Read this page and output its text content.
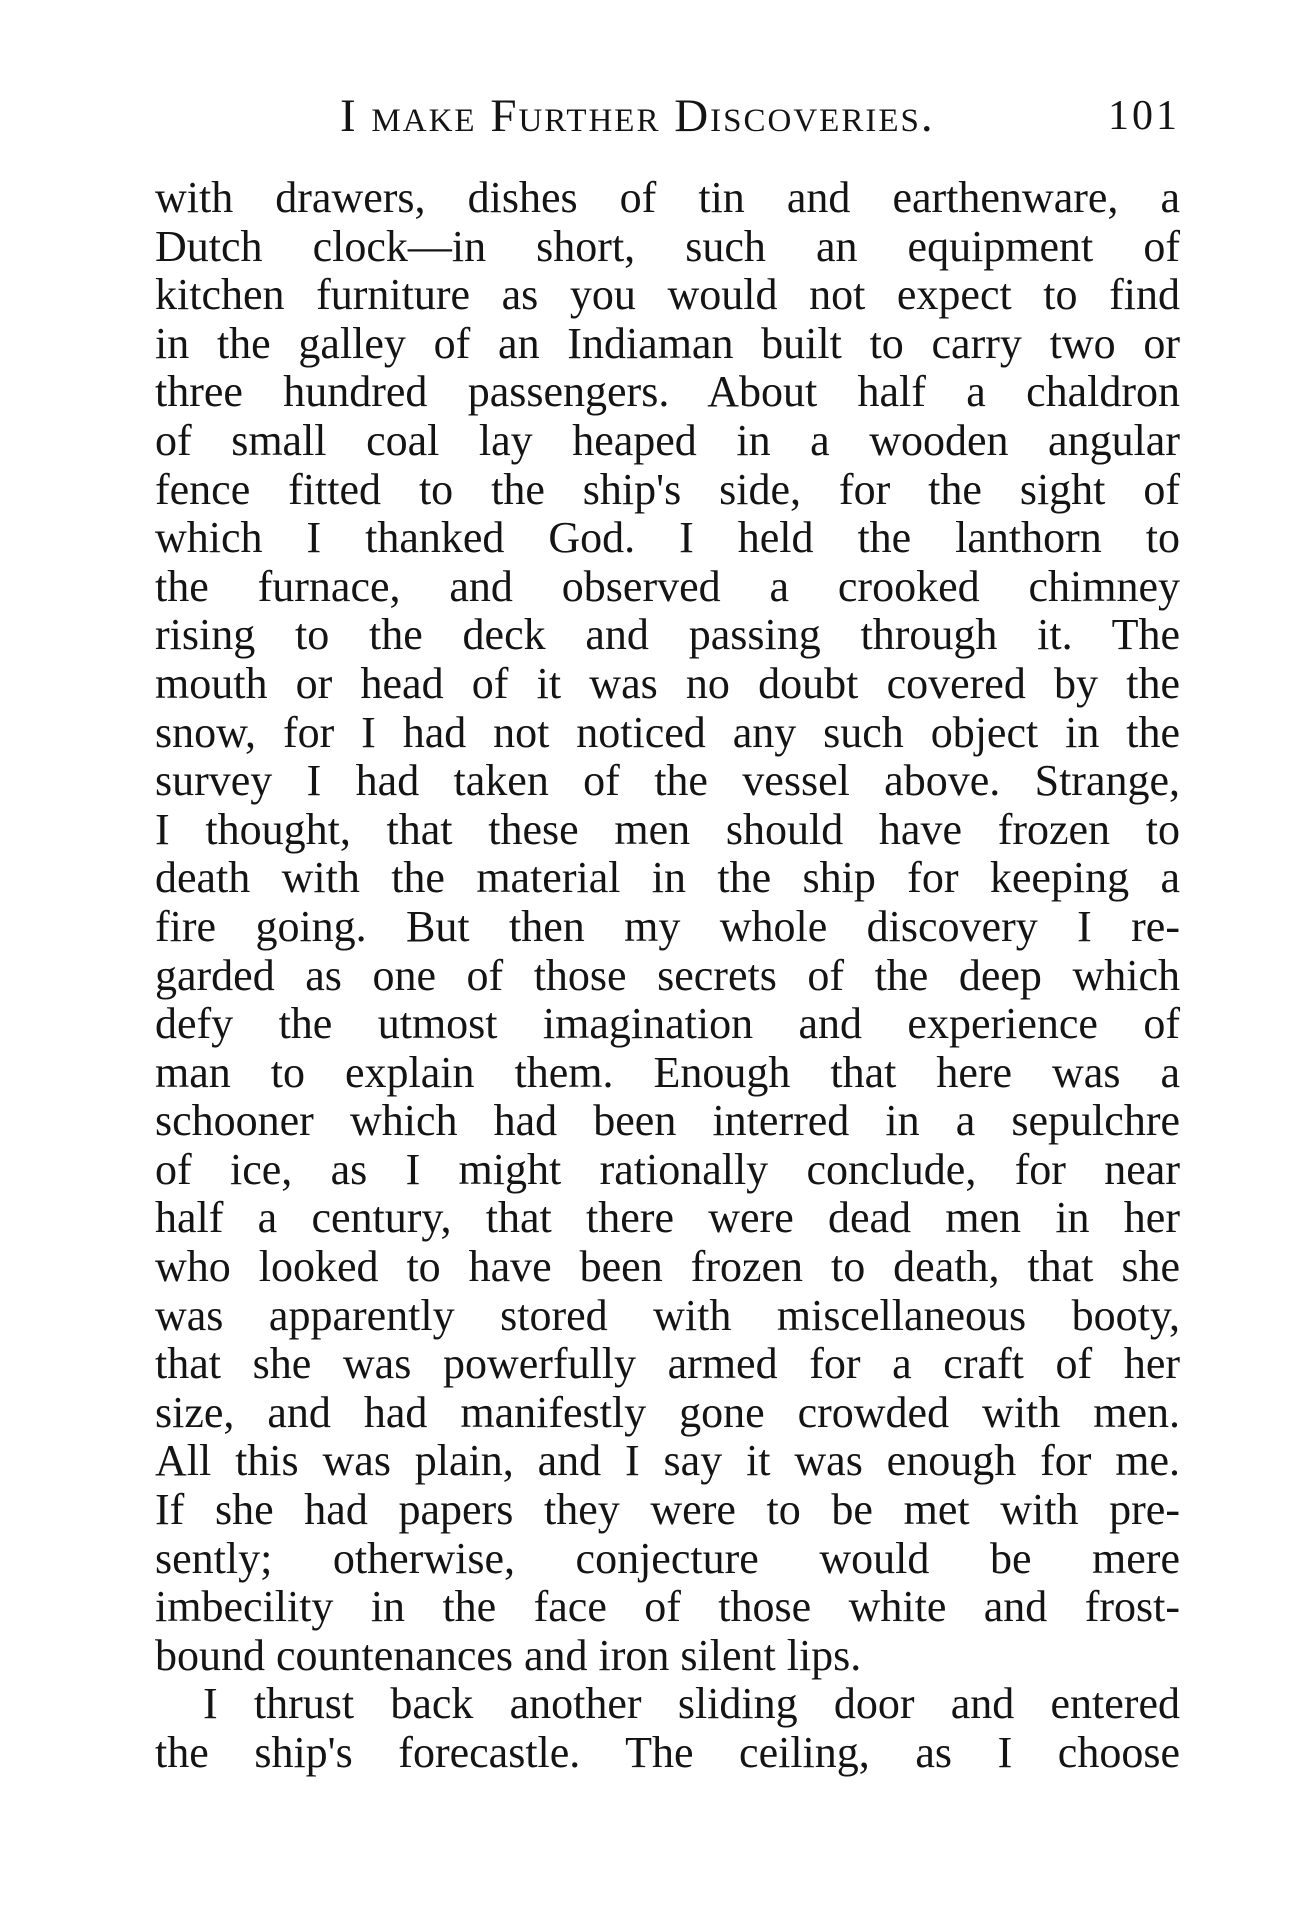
I make Further Discoveries.	101
with drawers, dishes of tin and earthenware, a
Dutch clock—in short, such an equipment of
kitchen furniture as you would not expect to find
in the galley of an Indiaman built to carry two or
three hundred passengers. About half a chaldron
of small coal lay heaped in a wooden angular
fence fitted to the ship's side, for the sight of
which I thanked God. I held the lanthorn to
the furnace, and observed a crooked chimney
rising to the deck and passing through it. The
mouth or head of it was no doubt covered by the
snow, for I had not noticed any such object in the
survey I had taken of the vessel above. Strange,
I thought, that these men should have frozen to
death with the material in the ship for keeping a
fire going. But then my whole discovery I re-
garded as one of those secrets of the deep which
defy the utmost imagination and experience of
man to explain them. Enough that here was a
schooner which had been interred in a sepulchre
of ice, as I might rationally conclude, for near
half a century, that there were dead men in her
who looked to have been frozen to death, that she
was apparently stored with miscellaneous booty,
that she was powerfully armed for a craft of her
size, and had manifestly gone crowded with men.
All this was plain, and I say it was enough for me.
If she had papers they were to be met with pre-
sently; otherwise, conjecture would be mere
imbecility in the face of those white and frost-
bound countenances and iron silent lips.
I thrust back another sliding door and entered
the ship's forecastle. The ceiling, as I choose
